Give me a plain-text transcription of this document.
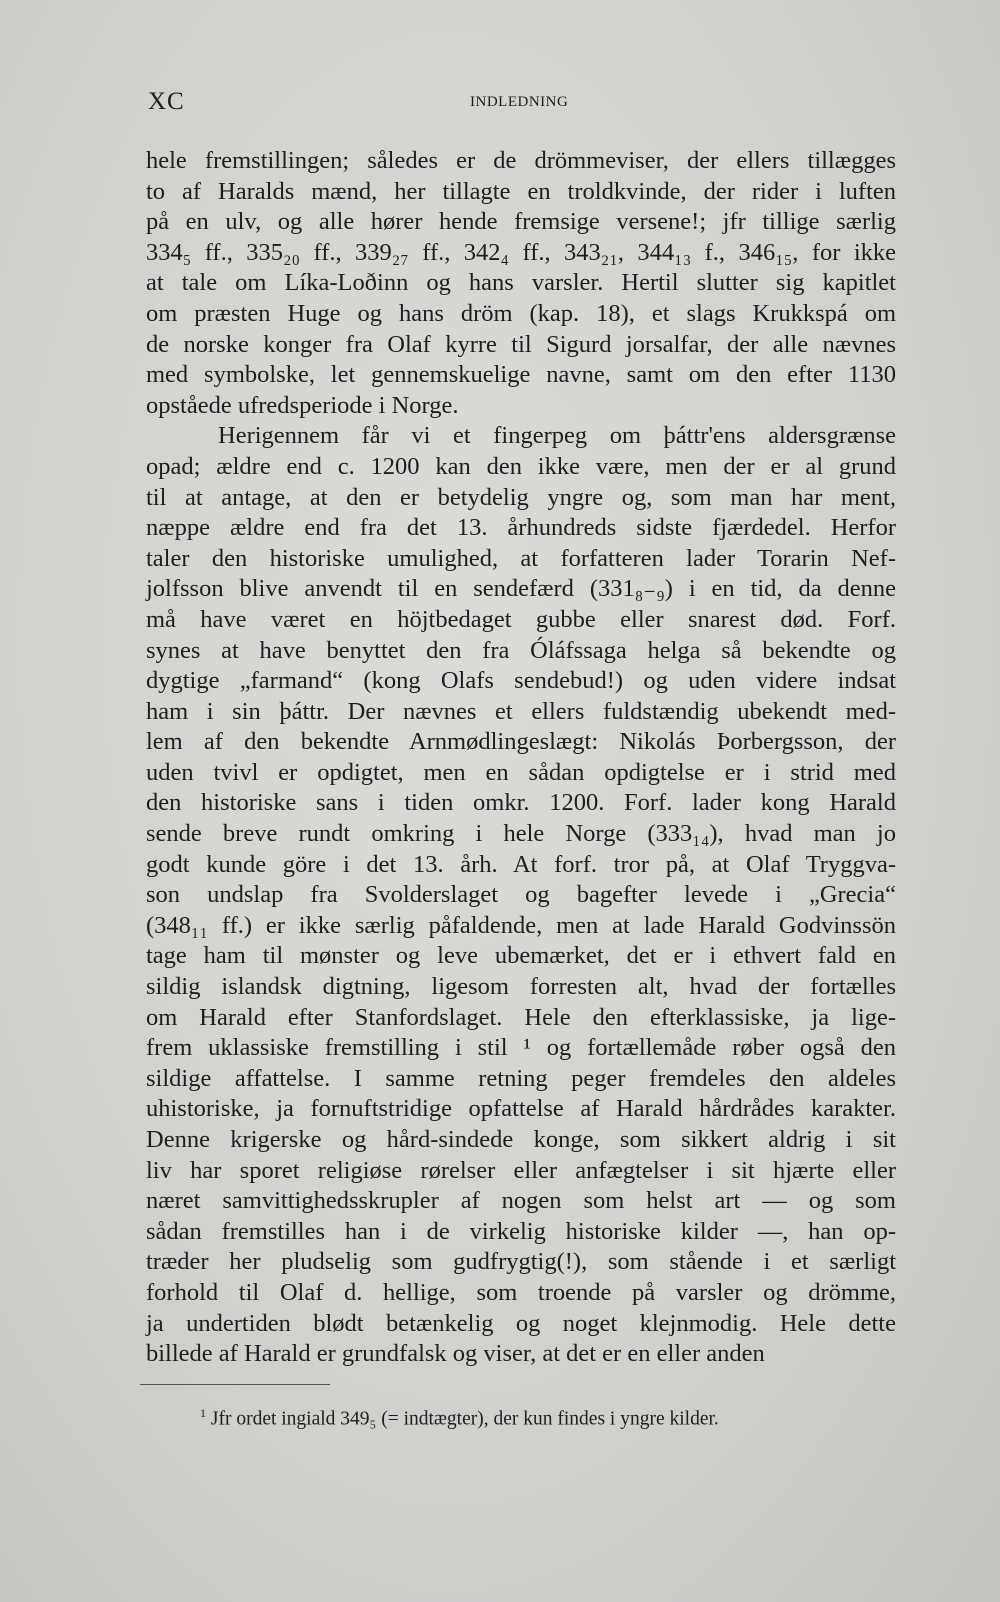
XC	INDLEDNING
hele fremstillingen; således er de drömmeviser, der ellers tillægges
to af Haralds mænd, her tillagte en troldkvinde, der rider i luften
på en ulv, og alle hører hende fremsige versene!; jfr tillige særlig
334₅ ff., 335₂₀ ff., 339₂₇ ff., 342₄ ff., 343₂₁, 344₁₃ f., 346₁₅, for ikke
at tale om Líka-Loðinn og hans varsler. Hertil slutter sig kapitlet
om præsten Huge og hans dröm (kap. 18), et slags Krukkspá om
de norske konger fra Olaf kyrre til Sigurd jorsalfar, der alle nævnes
med symbolske, let gennemskuelige navne, samt om den efter 1130
opståede ufredsperiode i Norge.
Herigennem får vi et fingerpeg om þáttr'ens aldersgrænse
opad; ældre end c. 1200 kan den ikke være, men der er al grund
til at antage, at den er betydelig yngre og, som man har ment,
næppe ældre end fra det 13. århundreds sidste fjærdedel. Herfor
taler den historiske umulighed, at forfatteren lader Torarin Nef-
jolfsson blive anvendt til en sendefærd (331₈₋₉) i en tid, da denne
må have været en höjtbedaget gubbe eller snarest død. Forf.
synes at have benyttet den fra Óláfssaga helga så bekendte og
dygtige „farmand“ (kong Olafs sendebud!) og uden videre indsat
ham i sin þáttr. Der nævnes et ellers fuldstændig ubekendt med-
lem af den bekendte Arnmødlingeslægt: Nikolás Þorbergsson, der
uden tvivl er opdigtet, men en sådan opdigtelse er i strid med
den historiske sans i tiden omkr. 1200. Forf. lader kong Harald
sende breve rundt omkring i hele Norge (333₁₄), hvad man jo
godt kunde göre i det 13. årh. At forf. tror på, at Olaf Tryggva-
son undslap fra Svolderslaget og bagefter levede i „Grecia“
(348₁₁ ff.) er ikke særlig påfaldende, men at lade Harald Godvinssön
tage ham til mønster og leve ubemærket, det er i ethvert fald en
sildig islandsk digtning, ligesom forresten alt, hvad der fortælles
om Harald efter Stanfordslaget. Hele den efterklassiske, ja lige-
frem uklassiske fremstilling i stil ¹ og fortællemåde røber også den
sildige affattelse. I samme retning peger fremdeles den aldeles
uhistoriske, ja fornuftstridige opfattelse af Harald hårdrådes karakter.
Denne krigerske og hård-sindede konge, som sikkert aldrig i sit
liv har sporet religiøse rørelser eller anfægtelser i sit hjærte eller
næret samvittighedsskrupler af nogen som helst art — og som
sådan fremstilles han i de virkelig historiske kilder —, han op-
træder her pludselig som gudfrygtig(!), som stående i et særligt
forhold til Olaf d. hellige, som troende på varsler og drömme,
ja undertiden blødt betænkelig og noget klejnmodig. Hele dette
billede af Harald er grundfalsk og viser, at det er en eller anden
$^1$ Jfr ordet ingiald 349₅ (= indtægter), der kun findes i yngre kilder.
